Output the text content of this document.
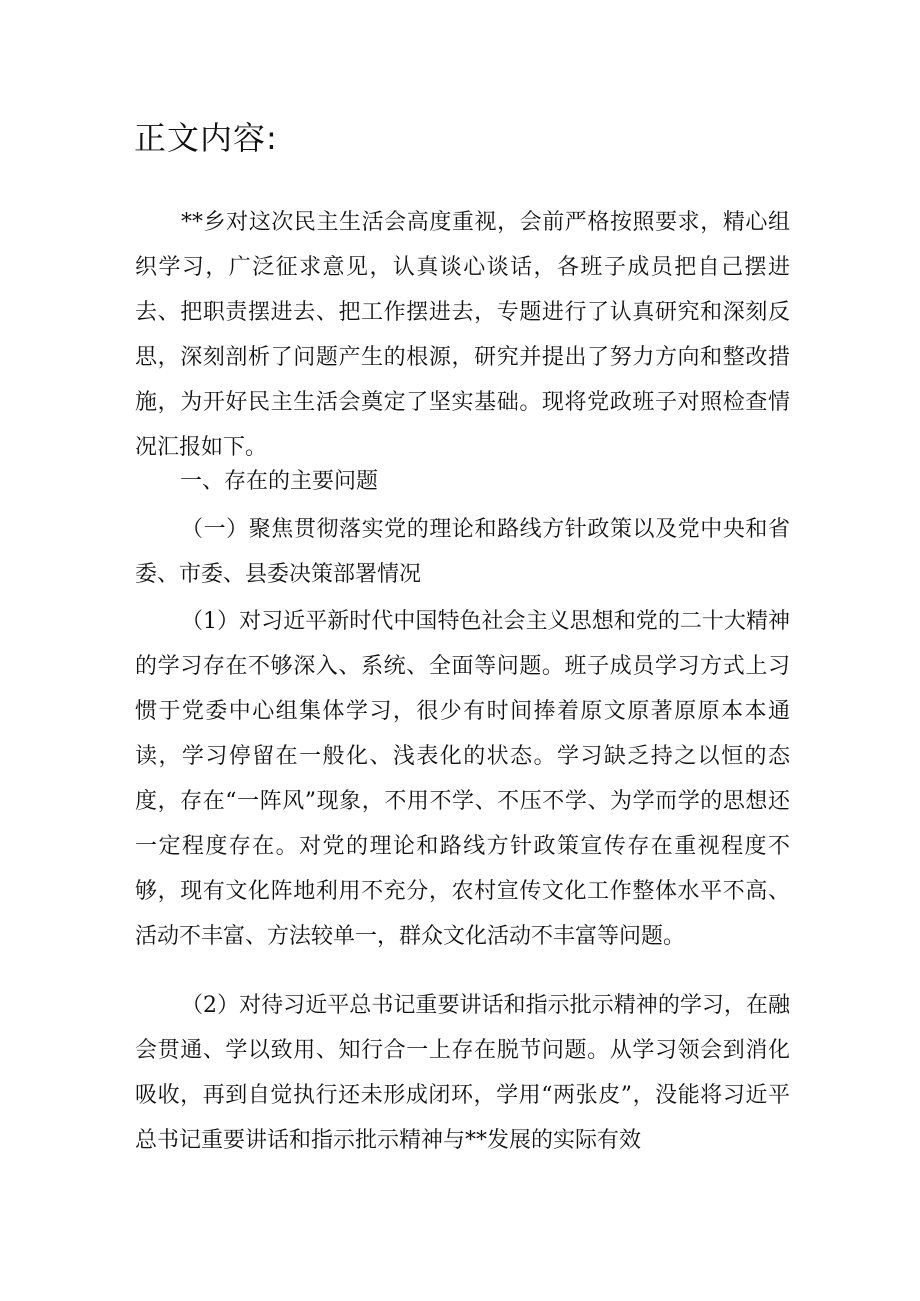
正文内容:

**乡对这次民主生活会高度重视，会前严格按照要求，精心组织学习，广泛征求意见，认真谈心谈话，各班子成员把自己摆进去、把职责摆进去、把工作摆进去，专题进行了认真研究和深刻反思，深刻剖析了问题产生的根源，研究并提出了努力方向和整改措施，为开好民主生活会奠定了坚实基础。现将党政班子对照检查情况汇报如下。

一、存在的主要问题

（一）聚焦贯彻落实党的理论和路线方针政策以及党中央和省委、市委、县委决策部署情况

（1）对习近平新时代中国特色社会主义思想和党的二十大精神的学习存在不够深入、系统、全面等问题。班子成员学习方式上习惯于党委中心组集体学习，很少有时间捧着原文原著原原本本通读，学习停留在一般化、浅表化的状态。学习缺乏持之以恒的态度，存在“一阵风”现象，不用不学、不压不学、为学而学的思想还一定程度存在。对党的理论和路线方针政策宣传存在重视程度不够，现有文化阵地利用不充分，农村宣传文化工作整体水平不高、活动不丰富、方法较单一，群众文化活动不丰富等问题。

（2）对待习近平总书记重要讲话和指示批示精神的学习，在融会贯通、学以致用、知行合一上存在脱节问题。从学习领会到消化吸收，再到自觉执行还未形成闭环，学用“两张皮”，没能将习近平总书记重要讲话和指示批示精神与**发展的实际有效
